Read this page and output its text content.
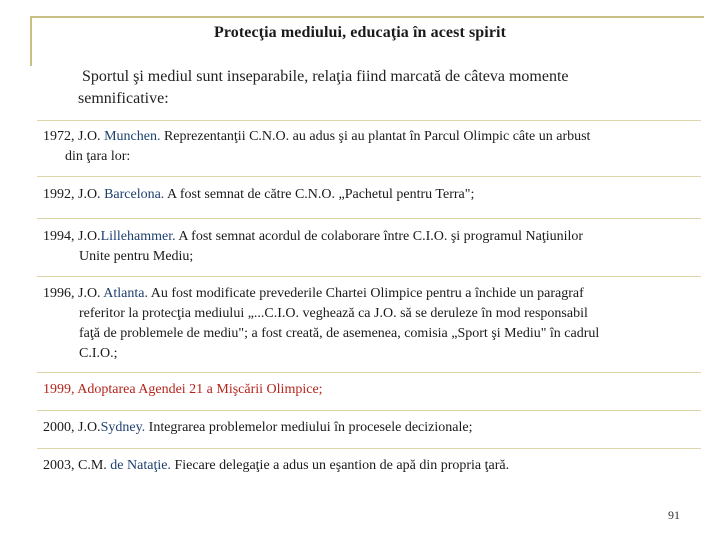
Protecţia mediului, educaţia în acest spirit
Sportul şi mediul sunt inseparabile, relaţia fiind marcată de câteva momente
semnificative:
1972, J.O. Munchen. Reprezentanţii C.N.O. au adus şi au plantat în Parcul Olimpic câte un arbust
din ţara lor:
1992, J.O. Barcelona. A fost semnat de către C.N.O. „Pachetul pentru Terra";
1994, J.O.Lillehammer. A fost semnat acordul de colaborare între C.I.O. şi programul Naţiunilor
Unite pentru Mediu;
1996, J.O. Atlanta. Au fost modificate prevederile Chartei Olimpice pentru a închide un paragraf
referitor la protecţia mediului „...C.I.O. veghează ca J.O. să se deruleze în mod responsabil
faţă de problemele de mediu"; a fost creată, de asemenea, comisia „Sport şi Mediu" în cadrul
C.I.O.;
1999, Adoptarea Agendei 21 a Mişcării Olimpice;
2000, J.O.Sydney. Integrarea problemelor mediului în procesele decizionale;
2003, C.M. de Nataţie. Fiecare delegaţie a adus un eşantion de apă din propria ţară.
91
